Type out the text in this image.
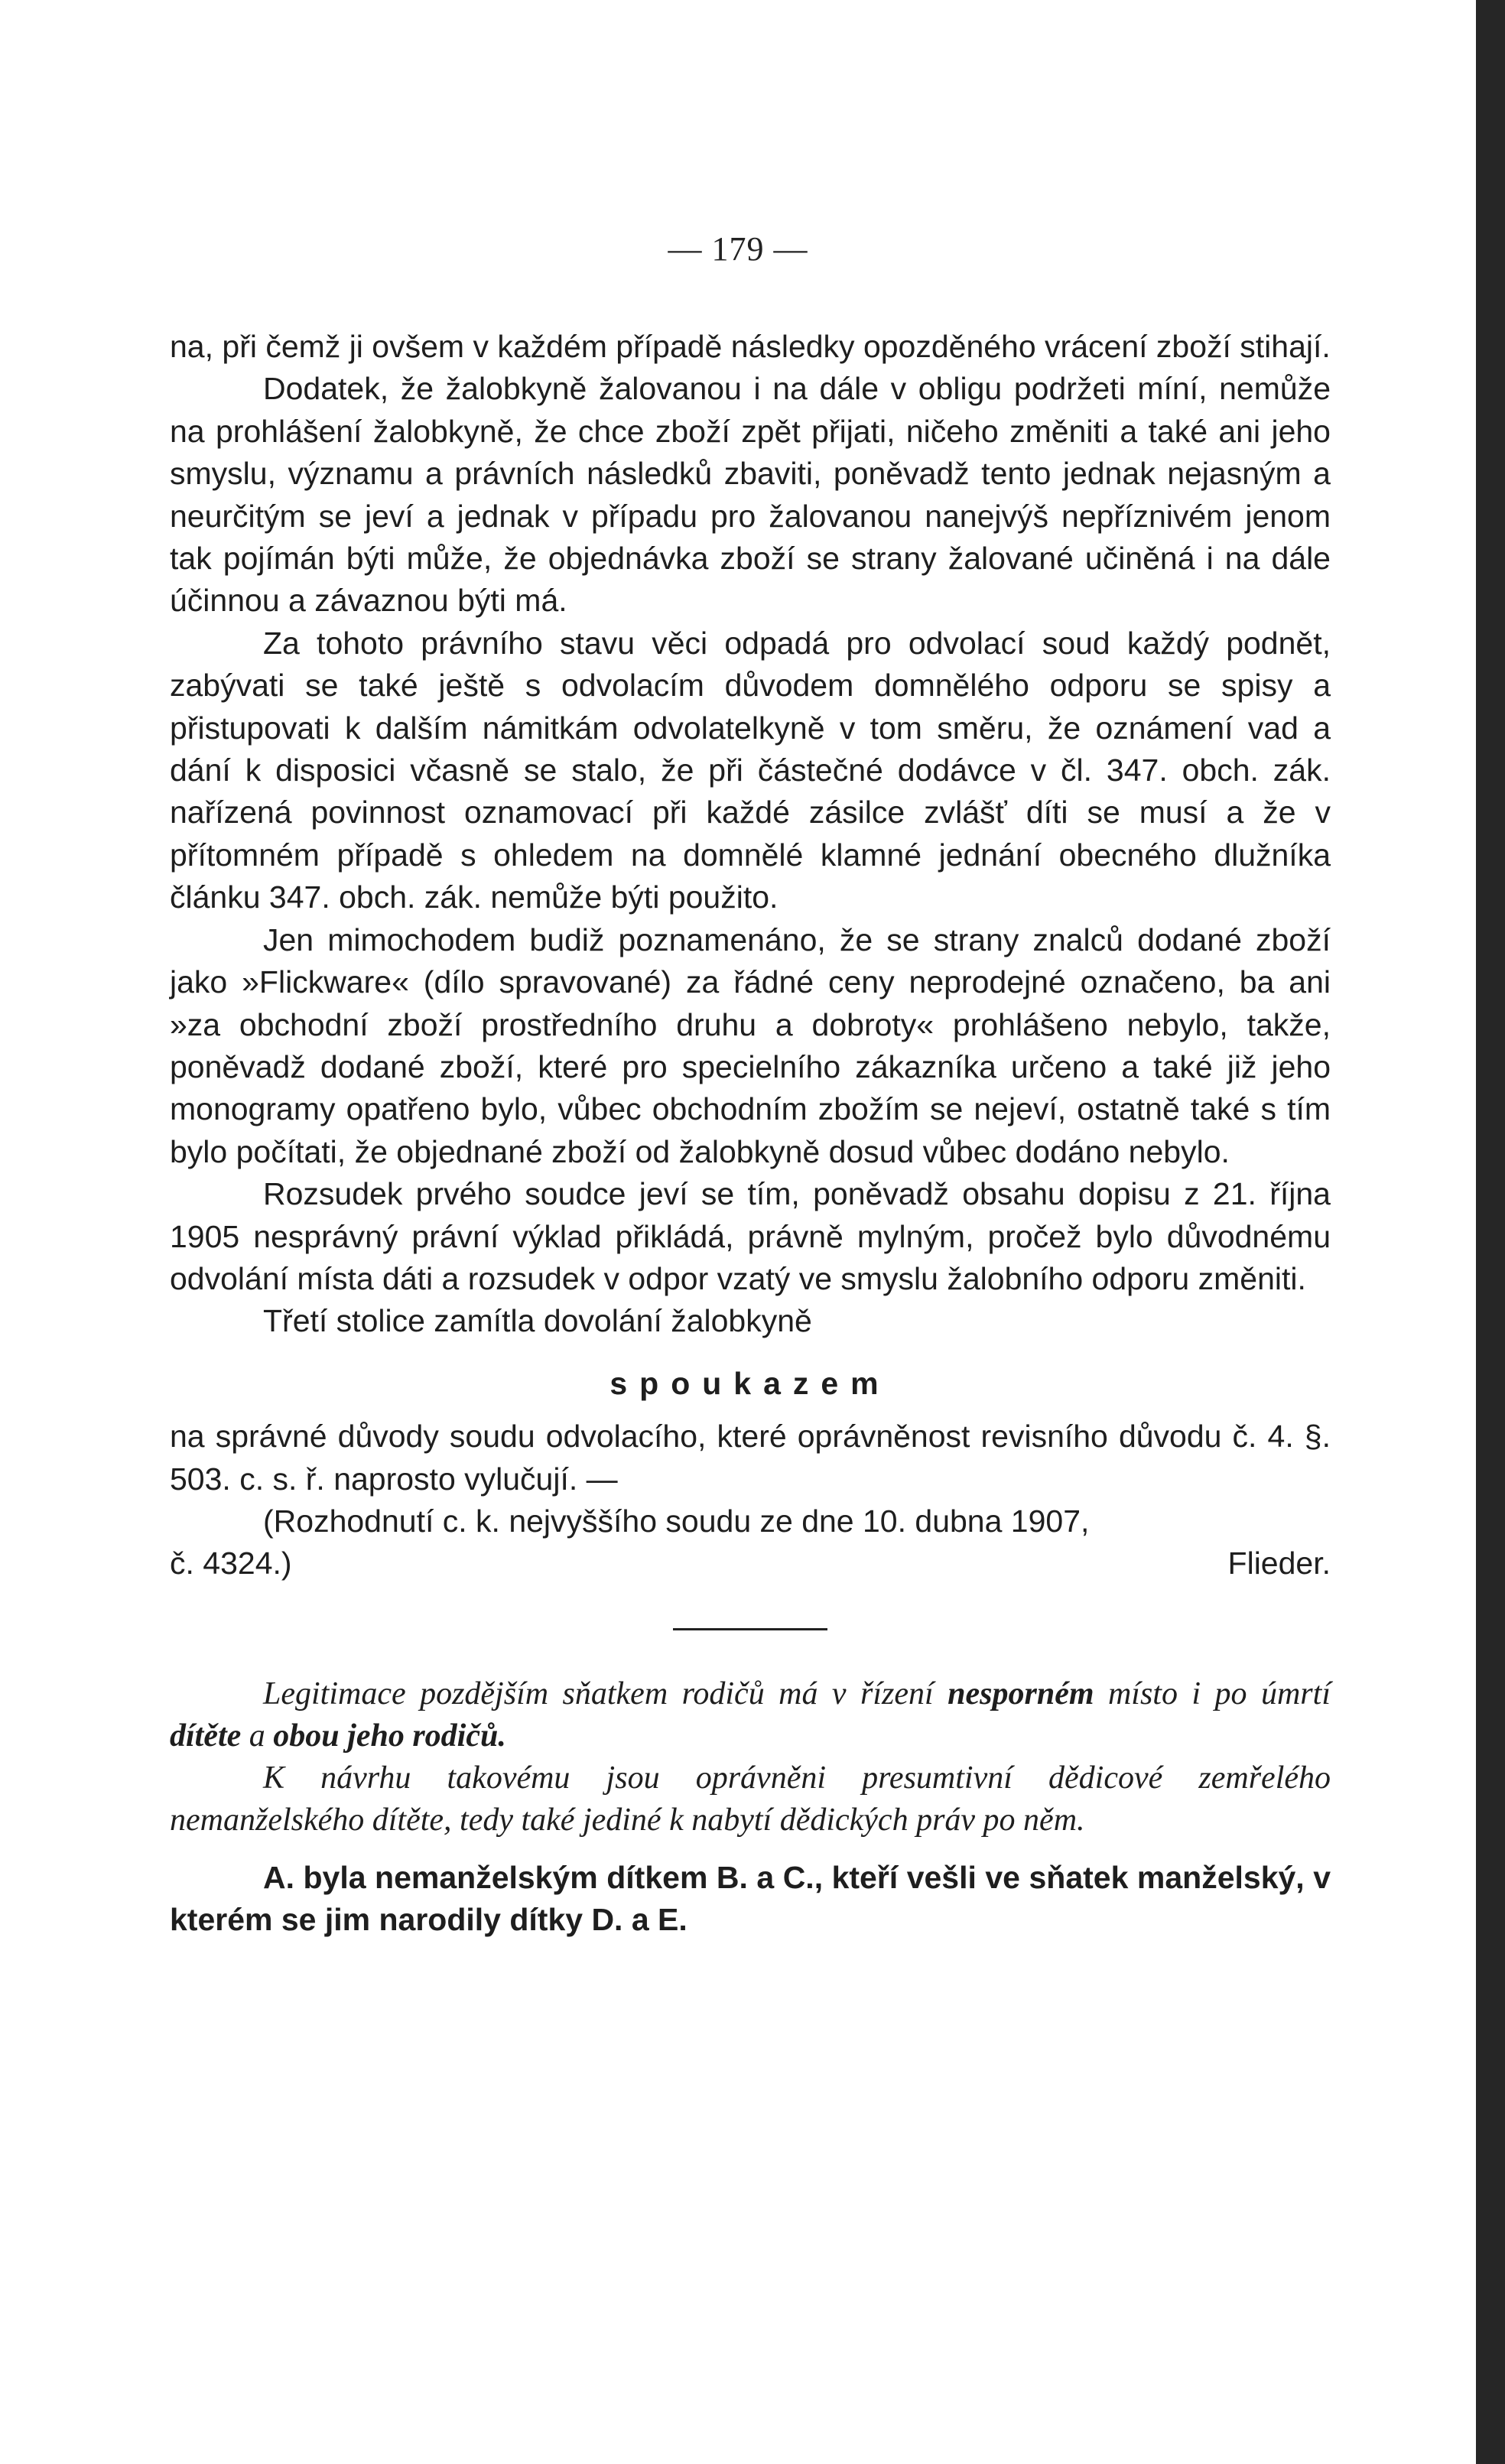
— 179 —

na, při čemž ji ovšem v každém případě následky opozděného vrácení zboží stihají.

Dodatek, že žalobkyně žalovanou i na dále v obligu podržeti míní, nemůže na prohlášení žalobkyně, že chce zboží zpět přijati, ničeho změniti a také ani jeho smyslu, významu a právních následků zbaviti, poněvadž tento jednak nejasným a neurčitým se jeví a jednak v případu pro žalovanou nanejvýš nepříznivém jenom tak pojímán býti může, že objednávka zboží se strany žalované učiněná i na dále účinnou a závaznou býti má.

Za tohoto právního stavu věci odpadá pro odvolací soud každý podnět, zabývati se také ještě s odvolacím důvodem domnělého odporu se spisy a přistupovati k dalším námitkám odvolatelkyně v tom směru, že oznámení vad a dání k disposici včasně se stalo, že při částečné dodávce v čl. 347. obch. zák. nařízená povinnost oznamovací při každé zásilce zvlášť díti se musí a že v přítomném případě s ohledem na domnělé klamné jednání obecného dlužníka článku 347. obch. zák. nemůže býti použito.

Jen mimochodem budiž poznamenáno, že se strany znalců dodané zboží jako »Flickware« (dílo spravované) za řádné ceny neprodejné označeno, ba ani »za obchodní zboží prostředního druhu a dobroty« prohlášeno nebylo, takže, poněvadž dodané zboží, které pro specielního zákazníka určeno a také již jeho monogramy opatřeno bylo, vůbec obchodním zbožím se nejeví, ostatně také s tím bylo počítati, že objednané zboží od žalobkyně dosud vůbec dodáno nebylo.

Rozsudek prvého soudce jeví se tím, poněvadž obsahu dopisu z 21. října 1905 nesprávný právní výklad přikládá, právně mylným, pročež bylo důvodnému odvolání místa dáti a rozsudek v odpor vzatý ve smyslu žalobního odporu změniti.

Třetí stolice zamítla dovolání žalobkyně

spoukazem

na správné důvody soudu odvolacího, které oprávněnost revisního důvodu č. 4. §. 503. c. s. ř. naprosto vylučují. —

(Rozhodnutí c. k. nejvyššího soudu ze dne 10. dubna 1907,

č. 4324.)	Flieder.

Legitimace pozdějším sňatkem rodičů má v řízení nesporném místo i po úmrtí dítěte a obou jeho rodičů.

K návrhu takovému jsou oprávněni presumtivní dědicové zemřelého nemanželského dítěte, tedy také jediné k nabytí dědických práv po něm.

A. byla nemanželským dítkem B. a C., kteří vešli ve sňatek manželský, v kterém se jim narodily dítky D. a E.
